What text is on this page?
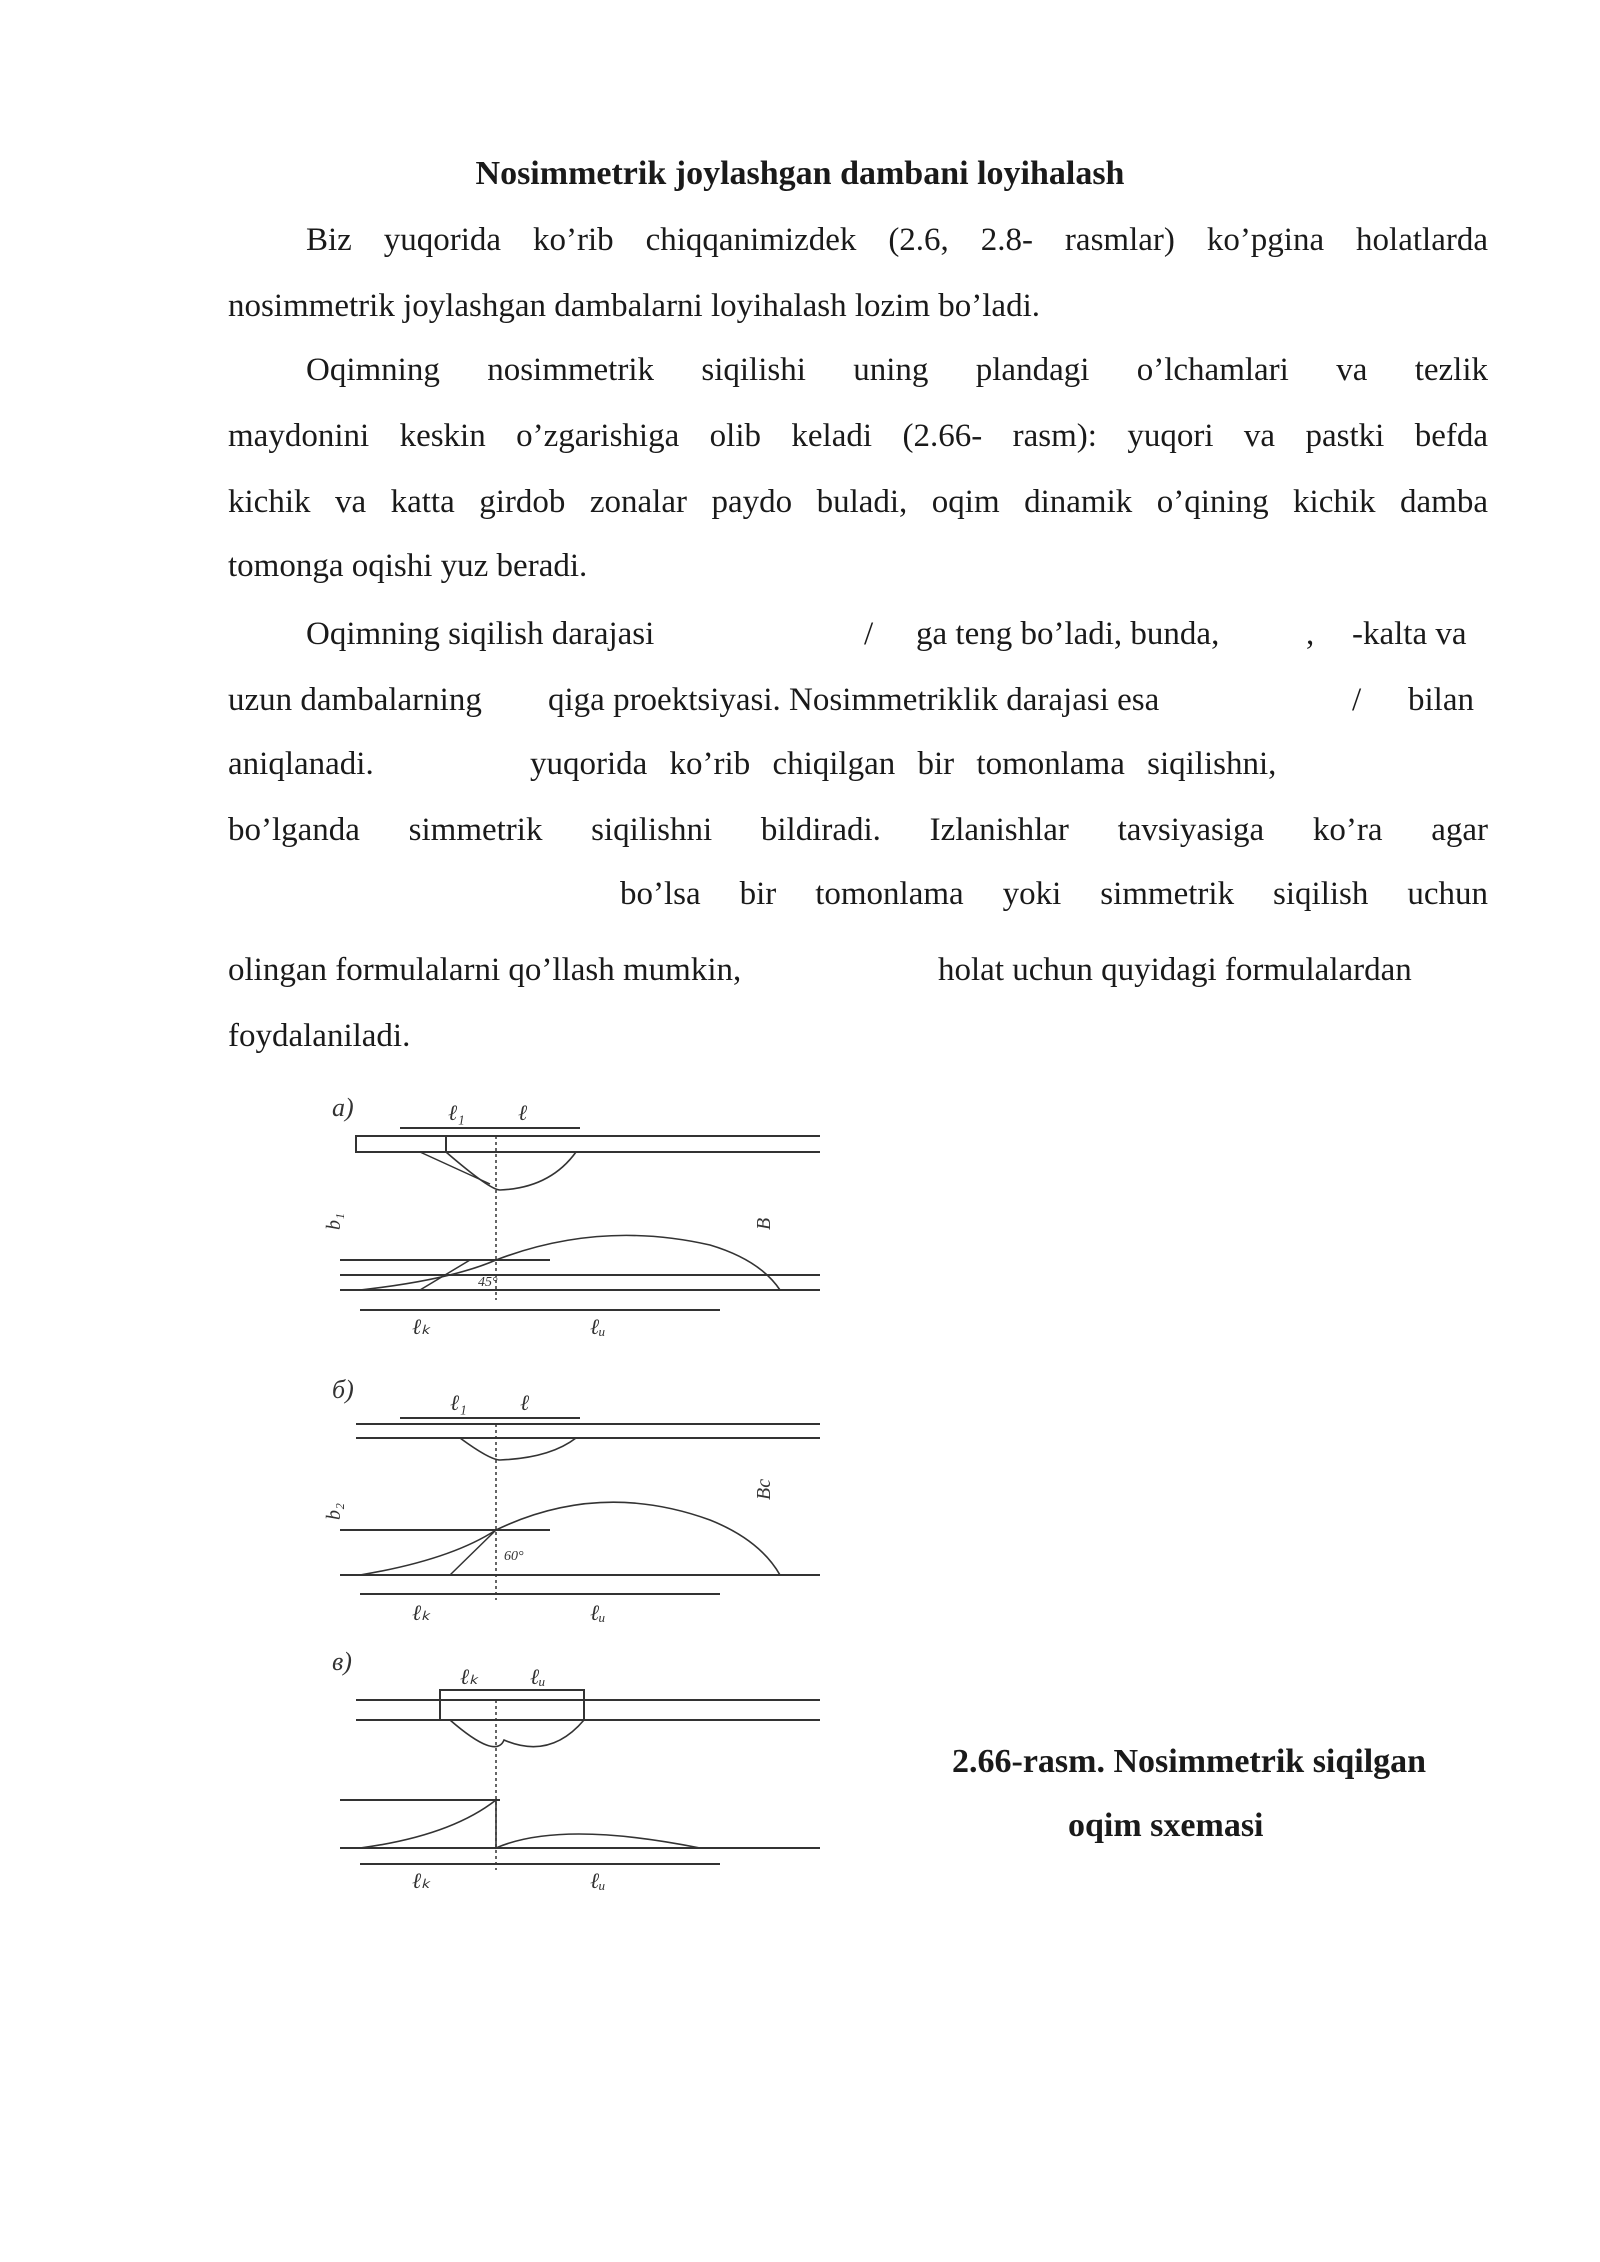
Nosimmetrik joylashgan dambani loyihalash
Biz yuqorida ko’rib chiqqanimizdek (2.6, 2.8- rasmlar) ko’pgina holatlarda
nosimmetrik joylashgan dambalarni loyihalash lozim bo’ladi.
Oqimning nosimmetrik siqilishi uning plandagi o’lchamlari va tezlik
maydonini keskin o’zgarishiga olib keladi (2.66- rasm): yuqori va pastki befda
kichik va katta girdob zonalar paydo buladi, oqim dinamik o’qining kichik damba
tomonga oqishi yuz beradi.
Oqimning siqilish darajasi	/ ga teng bo’ladi, bunda,	, -kalta va
uzun dambalarning qiga proektsiyasi. Nosimmetriklik darajasi esa	/ bilan
aniqlanadi.	yuqorida ko’rib chiqilgan bir tomonlama siqilishni,
bo’lganda simmetrik siqilishni bildiradi. Izlanishlar tavsiyasiga ko’ra agar
bo’lsa bir tomonlama yoki simmetrik siqilish uchun
olingan formulalarni qo’llash mumkin,	holat uchun quyidagi formulalardan
foydalaniladi.
a)	ℓ₁ ℓ
45°
ℓₖ	ℓᵤ
b₁	B
б)	ℓ₁ ℓ
60°
ℓₖ	ℓᵤ
b₂
Bc
в)
ℓₖ ℓᵤ
ℓₖ	ℓᵤ
2.66-rasm. Nosimmetrik siqilgan
oqim sxemasi
